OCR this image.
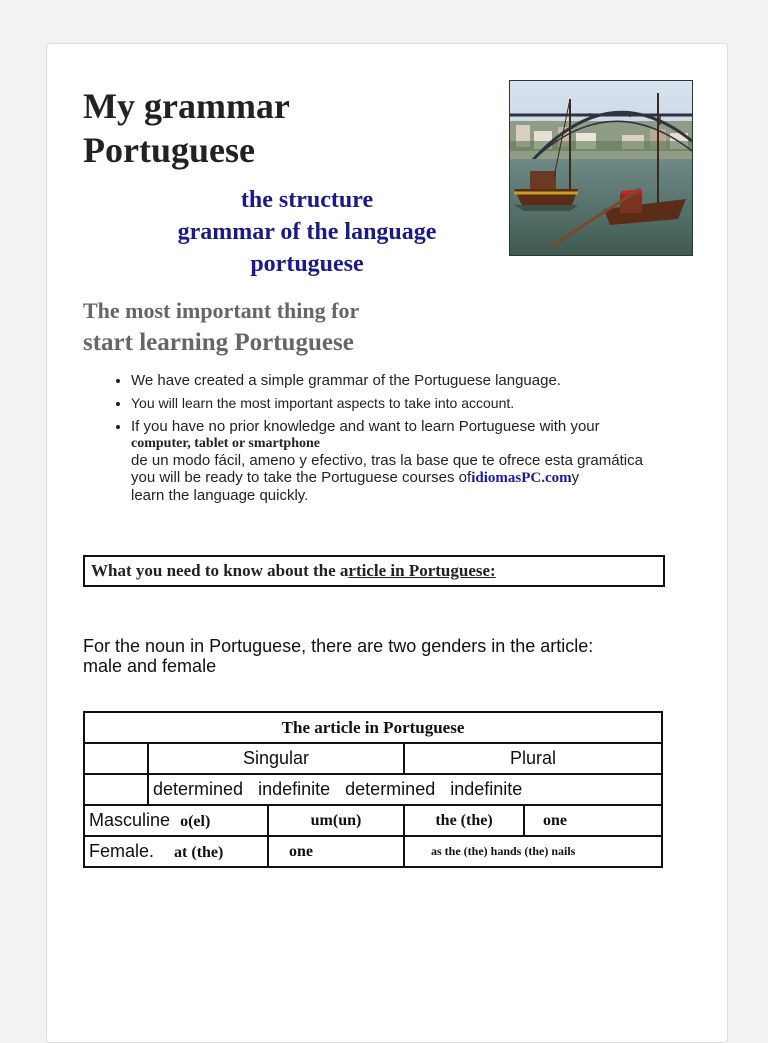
My grammar
Portuguese
the structure
grammar of the language
portuguese
The most important thing for
start learning Portuguese
• We have created a simple grammar of the Portuguese language.
• You will learn the most important aspects to take into account.
• If you have no prior knowledge and want to learn Portuguese with your
computer, tablet or smartphone
de un modo fácil, ameno y efectivo, tras la base que te ofrece esta gramática
you will be ready to take the Portuguese courses ofidiomasPC.comy
learn the language quickly.
What you need to know about the article in Portuguese:

For the noun in Portuguese, there are two genders in the article:
male and female

The article in Portuguese				
	Singular		Plural	
	determined indefinite determined indefinite			
Masculine o(el)		um(un)	the (the)	one
Female. at (the)		one	as the (the) hands (the) nails	
